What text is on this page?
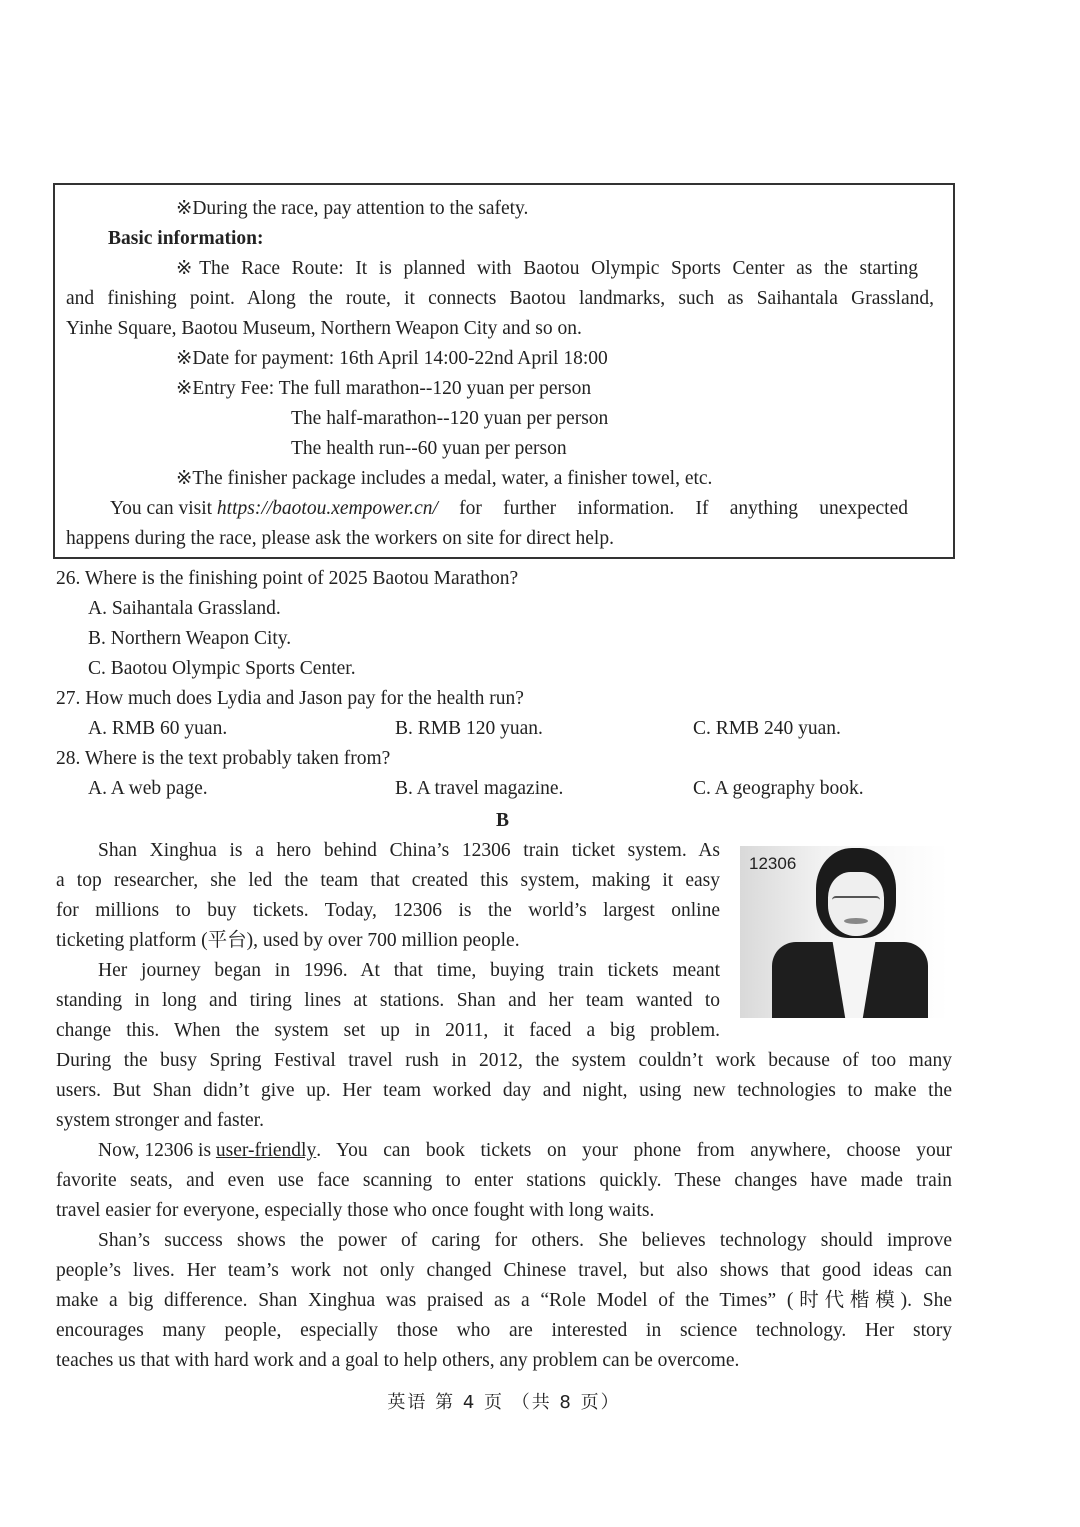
※During the race, pay attention to the safety.
Basic information:
※The Race Route: It is planned with Baotou Olympic Sports Center as the starting
and finishing point. Along the route, it connects Baotou landmarks, such as Saihantala Grassland,
Yinhe Square, Baotou Museum, Northern Weapon City and so on.
※Date for payment: 16th April 14:00-22nd April 18:00
※Entry Fee: The full marathon--120 yuan per person
The half-marathon--120 yuan per person
The health run--60 yuan per person
※The finisher package includes a medal, water, a finisher towel, etc.
You can visit https://baotou.xempower.cn/ for further information. If anything unexpected
happens during the race, please ask the workers on site for direct help.
26. Where is the finishing point of 2025 Baotou Marathon?
A. Saihantala Grassland.
B. Northern Weapon City.
C. Baotou Olympic Sports Center.
27. How much does Lydia and Jason pay for the health run?
A. RMB 60 yuan.	B. RMB 120 yuan.	C. RMB 240 yuan.
28. Where is the text probably taken from?
A. A web page.	B. A travel magazine.	C. A geography book.
B
12306
Shan Xinghua is a hero behind China’s 12306 train ticket system. As
a top researcher, she led the team that created this system, making it easy
for millions to buy tickets. Today, 12306 is the world’s largest online
ticketing platform (平台), used by over 700 million people.
Her journey began in 1996. At that time, buying train tickets meant
standing in long and tiring lines at stations. Shan and her team wanted to
change this. When the system set up in 2011, it faced a big problem.
During the busy Spring Festival travel rush in 2012, the system couldn’t work because of too many
users. But Shan didn’t give up. Her team worked day and night, using new technologies to make the
system stronger and faster.
Now, 12306 is user-friendly . You can book tickets on your phone from anywhere, choose your
favorite seats, and even use face scanning to enter stations quickly. These changes have made train
travel easier for everyone, especially those who once fought with long waits.
Shan’s success shows the power of caring for others. She believes technology should improve
people’s lives. Her team’s work not only changed Chinese travel, but also shows that good ideas can
make a big difference. Shan Xinghua was praised as a “Role Model of the Times” (时代楷模). She
encourages many people, especially those who are interested in science technology. Her story
teaches us that with hard work and a goal to help others, any problem can be overcome.
英语 第 4 页 （共 8 页）
